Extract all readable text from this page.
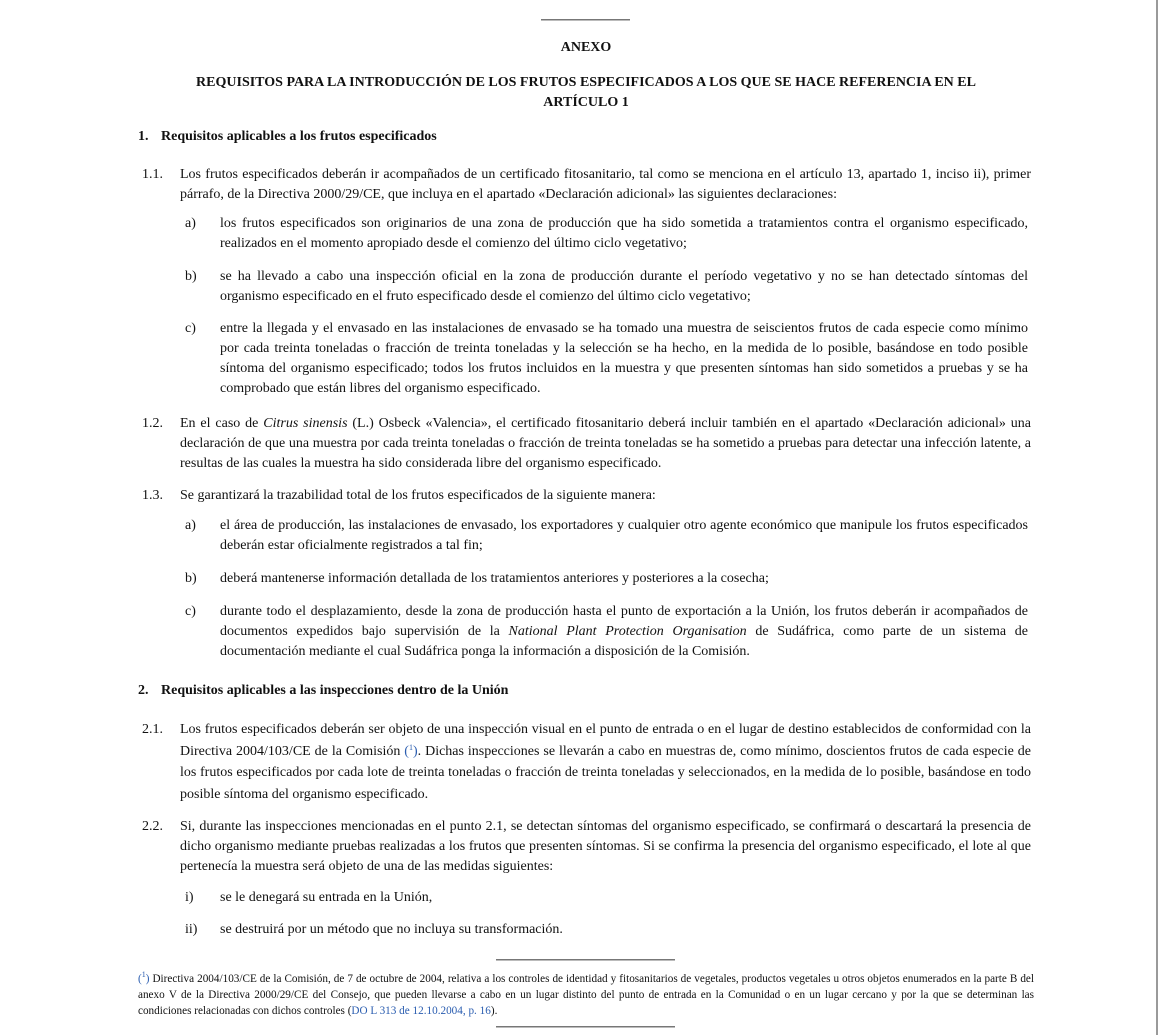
ANEXO
REQUISITOS PARA LA INTRODUCCIÓN DE LOS FRUTOS ESPECIFICADOS A LOS QUE SE HACE REFERENCIA EN EL ARTÍCULO 1
1. Requisitos aplicables a los frutos especificados
1.1. Los frutos especificados deberán ir acompañados de un certificado fitosanitario, tal como se menciona en el artículo 13, apartado 1, inciso ii), primer párrafo, de la Directiva 2000/29/CE, que incluya en el apartado «Declaración adicional» las siguientes declaraciones:
a) los frutos especificados son originarios de una zona de producción que ha sido sometida a tratamientos contra el organismo especificado, realizados en el momento apropiado desde el comienzo del último ciclo vegetativo;
b) se ha llevado a cabo una inspección oficial en la zona de producción durante el período vegetativo y no se han detectado síntomas del organismo especificado en el fruto especificado desde el comienzo del último ciclo vegetativo;
c) entre la llegada y el envasado en las instalaciones de envasado se ha tomado una muestra de seiscientos frutos de cada especie como mínimo por cada treinta toneladas o fracción de treinta toneladas y la selección se ha hecho, en la medida de lo posible, basándose en todo posible síntoma del organismo especificado; todos los frutos incluidos en la muestra y que presenten síntomas han sido sometidos a pruebas y se ha comprobado que están libres del organismo especificado.
1.2. En el caso de Citrus sinensis (L.) Osbeck «Valencia», el certificado fitosanitario deberá incluir también en el apartado «Declaración adicional» una declaración de que una muestra por cada treinta toneladas o fracción de treinta toneladas se ha sometido a pruebas para detectar una infección latente, a resultas de las cuales la muestra ha sido considerada libre del organismo especificado.
1.3. Se garantizará la trazabilidad total de los frutos especificados de la siguiente manera:
a) el área de producción, las instalaciones de envasado, los exportadores y cualquier otro agente económico que manipule los frutos especificados deberán estar oficialmente registrados a tal fin;
b) deberá mantenerse información detallada de los tratamientos anteriores y posteriores a la cosecha;
c) durante todo el desplazamiento, desde la zona de producción hasta el punto de exportación a la Unión, los frutos deberán ir acompañados de documentos expedidos bajo supervisión de la National Plant Protection Organisation de Sudáfrica, como parte de un sistema de documentación mediante el cual Sudáfrica ponga la información a disposición de la Comisión.
2. Requisitos aplicables a las inspecciones dentro de la Unión
2.1. Los frutos especificados deberán ser objeto de una inspección visual en el punto de entrada o en el lugar de destino establecidos de conformidad con la Directiva 2004/103/CE de la Comisión ($^1$). Dichas inspecciones se llevarán a cabo en muestras de, como mínimo, doscientos frutos de cada especie de los frutos especificados por cada lote de treinta toneladas o fracción de treinta toneladas y seleccionados, en la medida de lo posible, basándose en todo posible síntoma del organismo especificado.
2.2. Si, durante las inspecciones mencionadas en el punto 2.1, se detectan síntomas del organismo especificado, se confirmará o descartará la presencia de dicho organismo mediante pruebas realizadas a los frutos que presenten síntomas. Si se confirma la presencia del organismo especificado, el lote al que pertenecía la muestra será objeto de una de las medidas siguientes:
i) se le denegará su entrada en la Unión,
ii) se destruirá por un método que no incluya su transformación.
($^1$) Directiva 2004/103/CE de la Comisión, de 7 de octubre de 2004, relativa a los controles de identidad y fitosanitarios de vegetales, productos vegetales u otros objetos enumerados en la parte B del anexo V de la Directiva 2000/29/CE del Consejo, que pueden llevarse a cabo en un lugar distinto del punto de entrada en la Comunidad o en un lugar cercano y por la que se determinan las condiciones relacionadas con dichos controles (DO L 313 de 12.10.2004, p. 16).
